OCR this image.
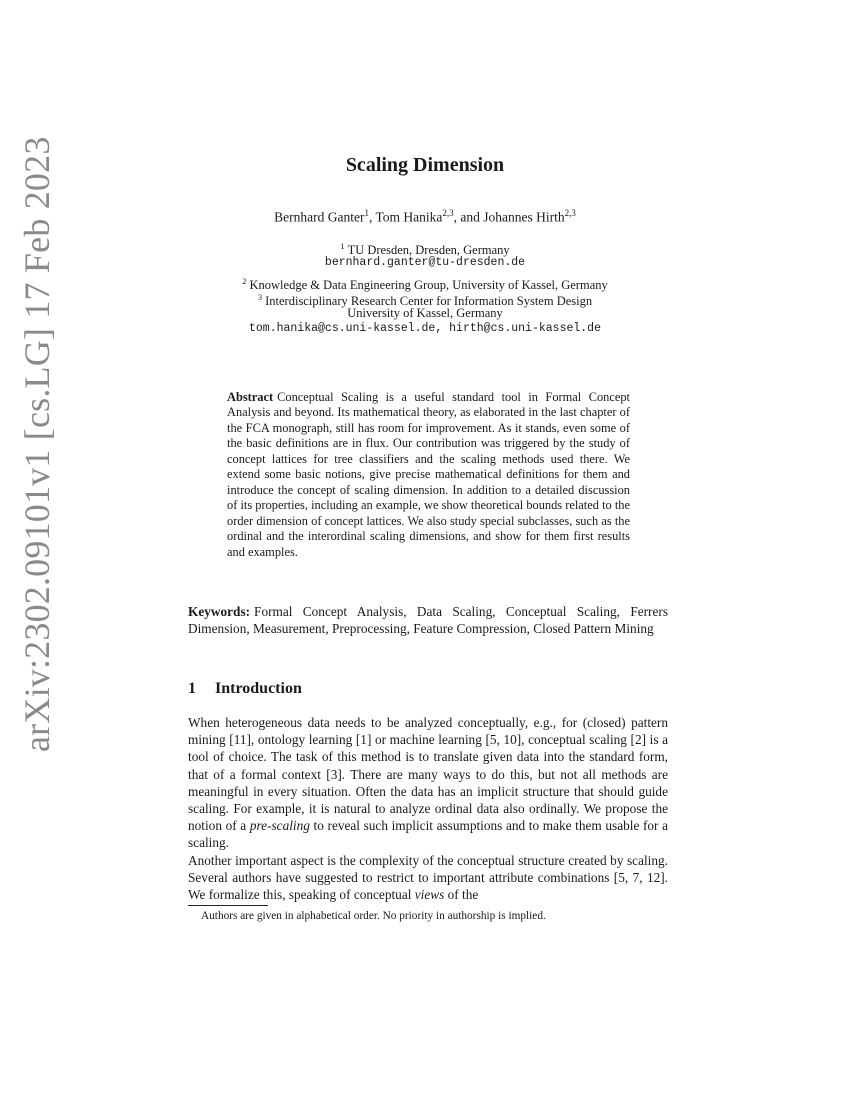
arXiv:2302.09101v1 [cs.LG] 17 Feb 2023	Scaling Dimension
Bernhard Ganter$^1$, Tom Hanika$^{2,3}$, and Johannes Hirth$^{2,3}$
$^1$ TU Dresden, Dresden, Germany
bernhard.ganter@tu-dresden.de
$^2$ Knowledge & Data Engineering Group, University of Kassel, Germany
$^3$ Interdisciplinary Research Center for Information System Design
University of Kassel, Germany
tom.hanika@cs.uni-kassel.de, hirth@cs.uni-kassel.de
Abstract Conceptual Scaling is a useful standard tool in Formal Concept Analysis and beyond. Its mathematical theory, as elaborated in the last chapter of the FCA monograph, still has room for improvement. As it stands, even some of the basic definitions are in flux. Our contribution was triggered by the study of concept lattices for tree classifiers and the scaling methods used there. We extend some basic notions, give precise mathematical definitions for them and introduce the concept of scaling dimension. In addition to a detailed discussion of its properties, including an example, we show theoretical bounds related to the order dimension of concept lattices. We also study special subclasses, such as the ordinal and the interordinal scaling dimensions, and show for them first results and examples.
Keywords: Formal Concept Analysis, Data Scaling, Conceptual Scaling, Ferrers Dimension, Measurement, Preprocessing, Feature Compression, Closed Pattern Mining
1 Introduction

When heterogeneous data needs to be analyzed conceptually, e.g., for (closed) pattern mining [11], ontology learning [1] or machine learning [5, 10], conceptual scaling [2] is a tool of choice. The task of this method is to translate given data into the standard form, that of a formal context [3]. There are many ways to do this, but not all methods are meaningful in every situation. Often the data has an implicit structure that should guide scaling. For example, it is natural to analyze ordinal data also ordinally. We propose the notion of a pre-scaling to reveal such implicit assumptions and to make them usable for a scaling.

Another important aspect is the complexity of the conceptual structure created by scaling. Several authors have suggested to restrict to important attribute combinations [5, 7, 12]. We formalize this, speaking of conceptual views of the

Authors are given in alphabetical order. No priority in authorship is implied.
